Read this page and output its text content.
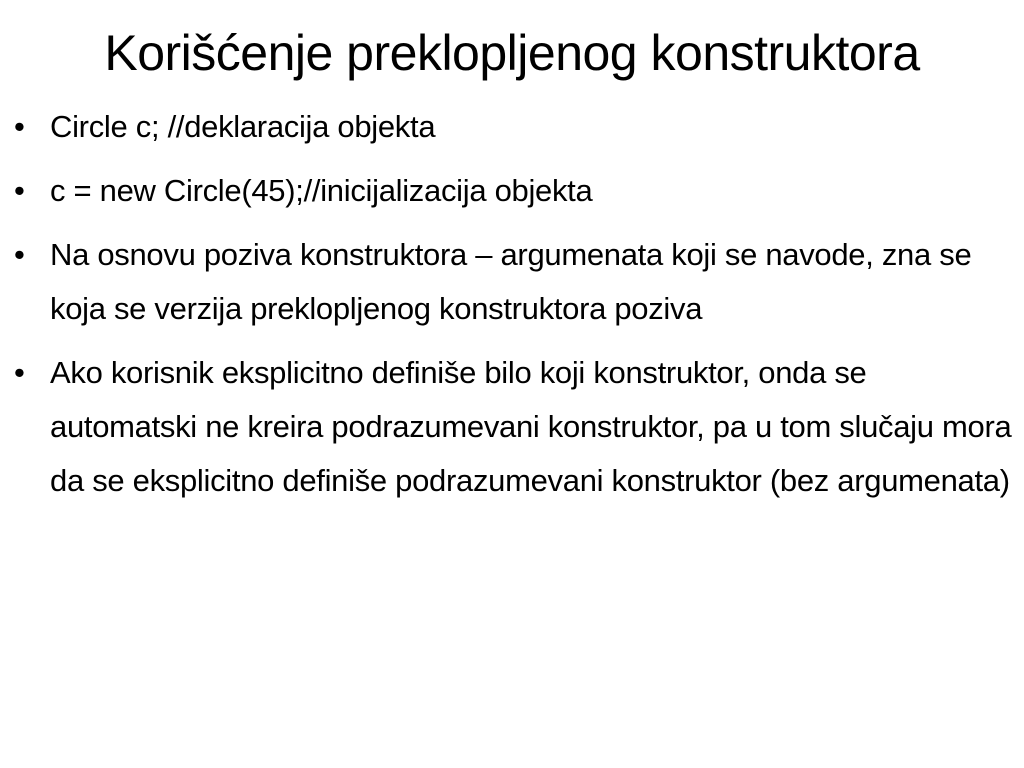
Korišćenje preklopljenog konstruktora
• Circle c; //deklaracija objekta
• c = new Circle(45);//inicijalizacija objekta
• Na osnovu poziva konstruktora – argumenata koji se navode, zna se koja se verzija preklopljenog konstruktora poziva
• Ako korisnik eksplicitno definiše bilo koji konstruktor, onda se automatski ne kreira podrazumevani konstruktor, pa u tom slučaju mora da se eksplicitno definiše podrazumevani konstruktor (bez argumenata)
